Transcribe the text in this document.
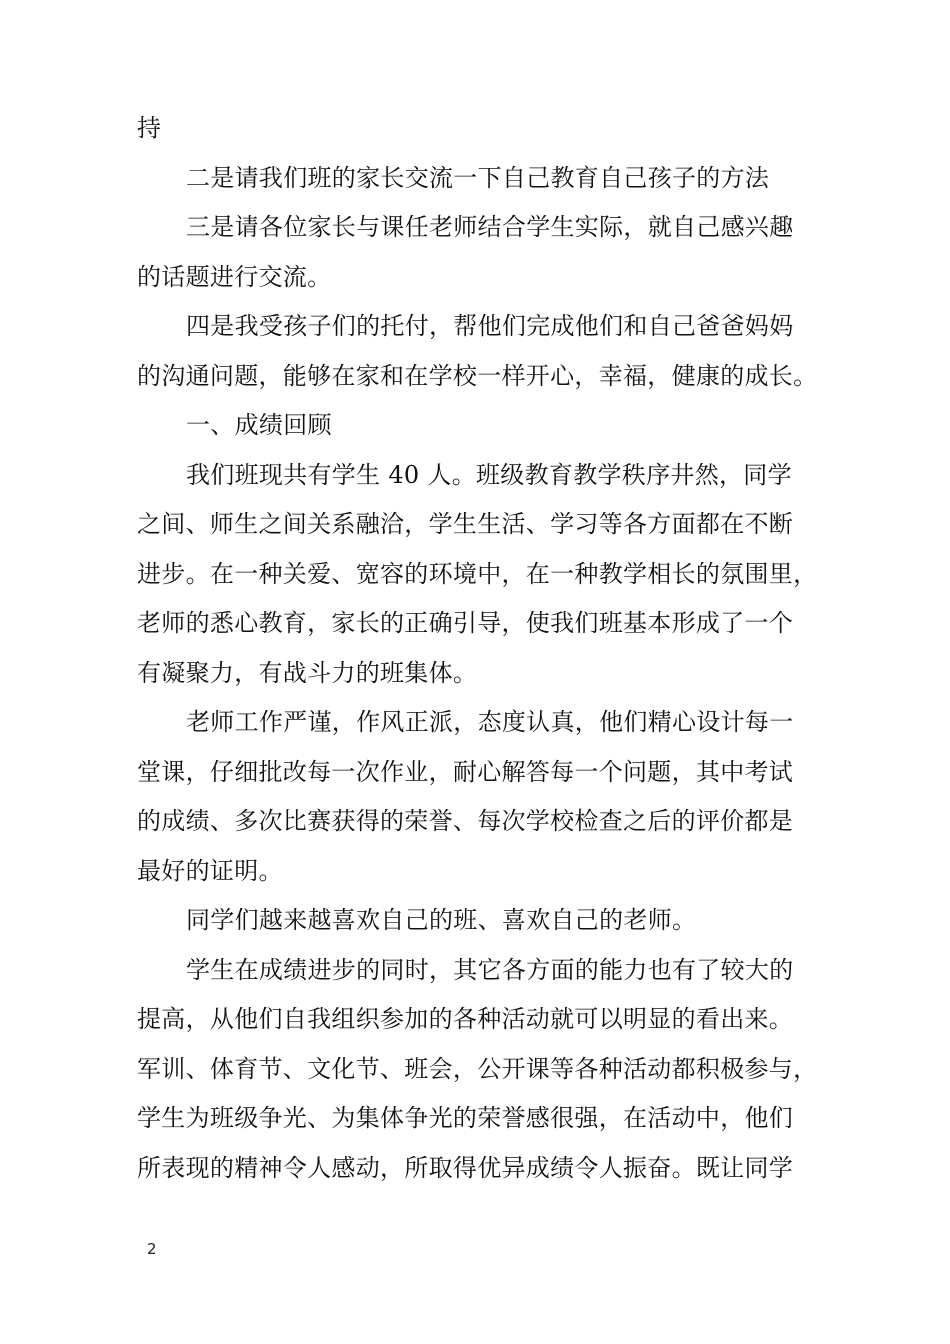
持

二是请我们班的家长交流一下自己教育自己孩子的方法

三是请各位家长与课任老师结合学生实际，就自己感兴趣

的话题进行交流。

四是我受孩子们的托付，帮他们完成他们和自己爸爸妈妈

的沟通问题，能够在家和在学校一样开心，幸福，健康的成长。

一、成绩回顾

我们班现共有学生 40 人。班级教育教学秩序井然，同学

之间、师生之间关系融洽，学生生活、学习等各方面都在不断

进步。在一种关爱、宽容的环境中，在一种教学相长的氛围里，

老师的悉心教育，家长的正确引导，使我们班基本形成了一个

有凝聚力，有战斗力的班集体。

老师工作严谨，作风正派，态度认真，他们精心设计每一

堂课，仔细批改每一次作业，耐心解答每一个问题，其中考试

的成绩、多次比赛获得的荣誉、每次学校检查之后的评价都是

最好的证明。

同学们越来越喜欢自己的班、喜欢自己的老师。

学生在成绩进步的同时，其它各方面的能力也有了较大的

提高，从他们自我组织参加的各种活动就可以明显的看出来。

军训、体育节、文化节、班会，公开课等各种活动都积极参与，

学生为班级争光、为集体争光的荣誉感很强，在活动中，他们

所表现的精神令人感动，所取得优异成绩令人振奋。既让同学

2
